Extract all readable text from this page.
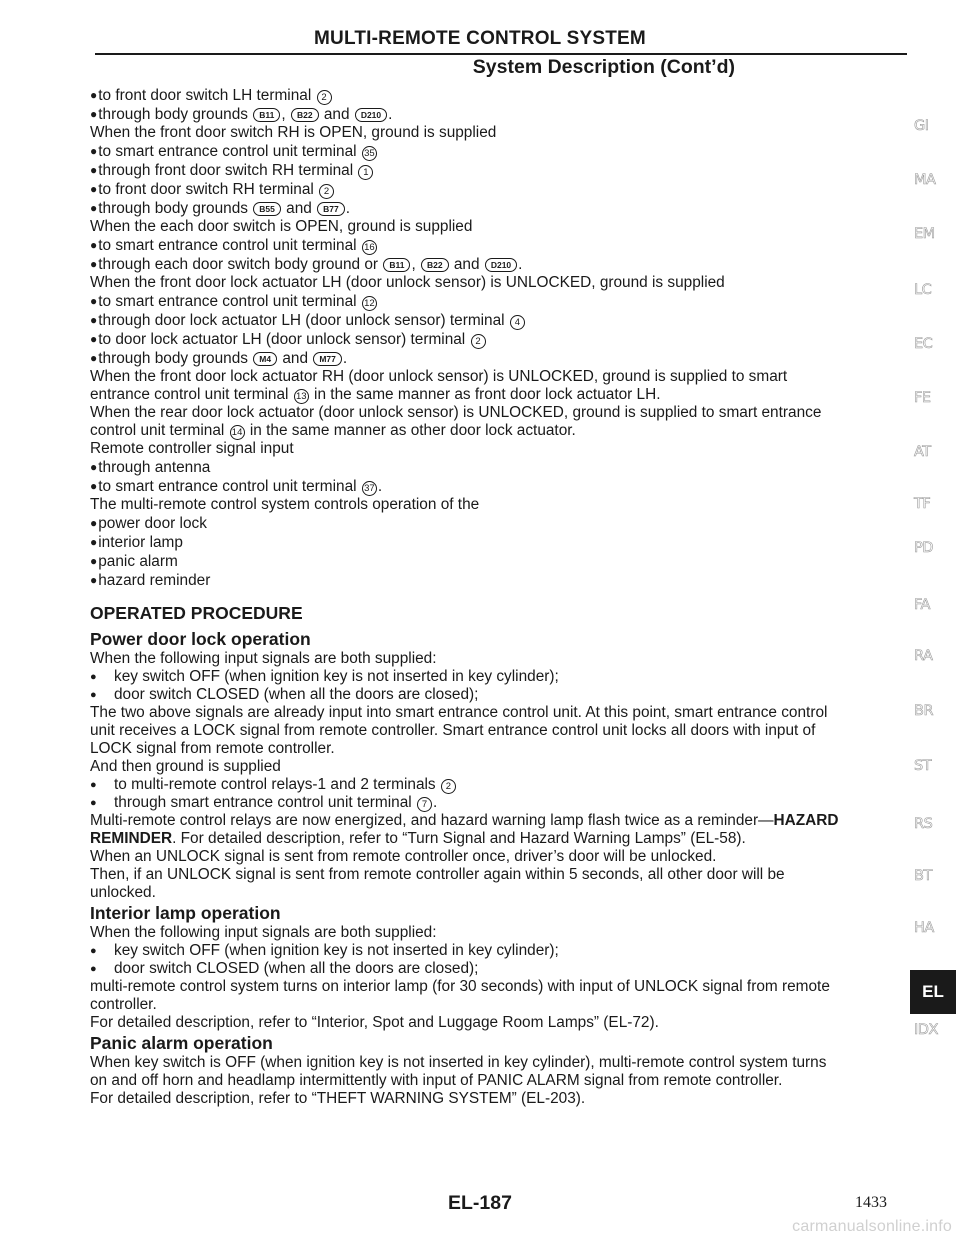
MULTI-REMOTE CONTROL SYSTEM
System Description (Cont’d)
● to front door switch LH terminal 2
● through body grounds B11 , B22 and D210 .
When the front door switch RH is OPEN, ground is supplied
● to smart entrance control unit terminal 35
● through front door switch RH terminal 1
● to front door switch RH terminal 2
● through body grounds B55 and B77 .
When the each door switch is OPEN, ground is supplied
● to smart entrance control unit terminal 16
● through each door switch body ground or B11 , B22 and D210 .
When the front door lock actuator LH (door unlock sensor) is UNLOCKED, ground is supplied
● to smart entrance control unit terminal 12
● through door lock actuator LH (door unlock sensor) terminal 4
● to door lock actuator LH (door unlock sensor) terminal 2
● through body grounds M4 and M77 .
When the front door lock actuator RH (door unlock sensor) is UNLOCKED, ground is supplied to smart
entrance control unit terminal 13 in the same manner as front door lock actuator LH.
When the rear door lock actuator (door unlock sensor) is UNLOCKED, ground is supplied to smart entrance
control unit terminal 14 in the same manner as other door lock actuator.
Remote controller signal input
● through antenna
● to smart entrance control unit terminal 37 .
The multi-remote control system controls operation of the
● power door lock
● interior lamp
● panic alarm
● hazard reminder
OPERATED PROCEDURE
Power door lock operation
When the following input signals are both supplied:
● key switch OFF (when ignition key is not inserted in key cylinder);
● door switch CLOSED (when all the doors are closed);
The two above signals are already input into smart entrance control unit. At this point, smart entrance control
unit receives a LOCK signal from remote controller. Smart entrance control unit locks all doors with input of
LOCK signal from remote controller.
And then ground is supplied
● to multi-remote control relays-1 and 2 terminals 2
● through smart entrance control unit terminal 7 .
Multi-remote control relays are now energized, and hazard warning lamp flash twice as a reminder—HAZARD
REMINDER. For detailed description, refer to “Turn Signal and Hazard Warning Lamps” (EL-58).
When an UNLOCK signal is sent from remote controller once, driver’s door will be unlocked.
Then, if an UNLOCK signal is sent from remote controller again within 5 seconds, all other door will be
unlocked.
Interior lamp operation
When the following input signals are both supplied:
● key switch OFF (when ignition key is not inserted in key cylinder);
● door switch CLOSED (when all the doors are closed);
multi-remote control system turns on interior lamp (for 30 seconds) with input of UNLOCK signal from remote
controller.
For detailed description, refer to “Interior, Spot and Luggage Room Lamps” (EL-72).
Panic alarm operation
When key switch is OFF (when ignition key is not inserted in key cylinder), multi-remote control system turns
on and off horn and headlamp intermittently with input of PANIC ALARM signal from remote controller.
For detailed description, refer to “THEFT WARNING SYSTEM” (EL-203).
GI
MA
EM
LC
EC
FE
AT
TF
PD
FA
RA
BR
ST
RS
BT
HA
EL
IDX
EL-187	1433
carmanualsonline.info
